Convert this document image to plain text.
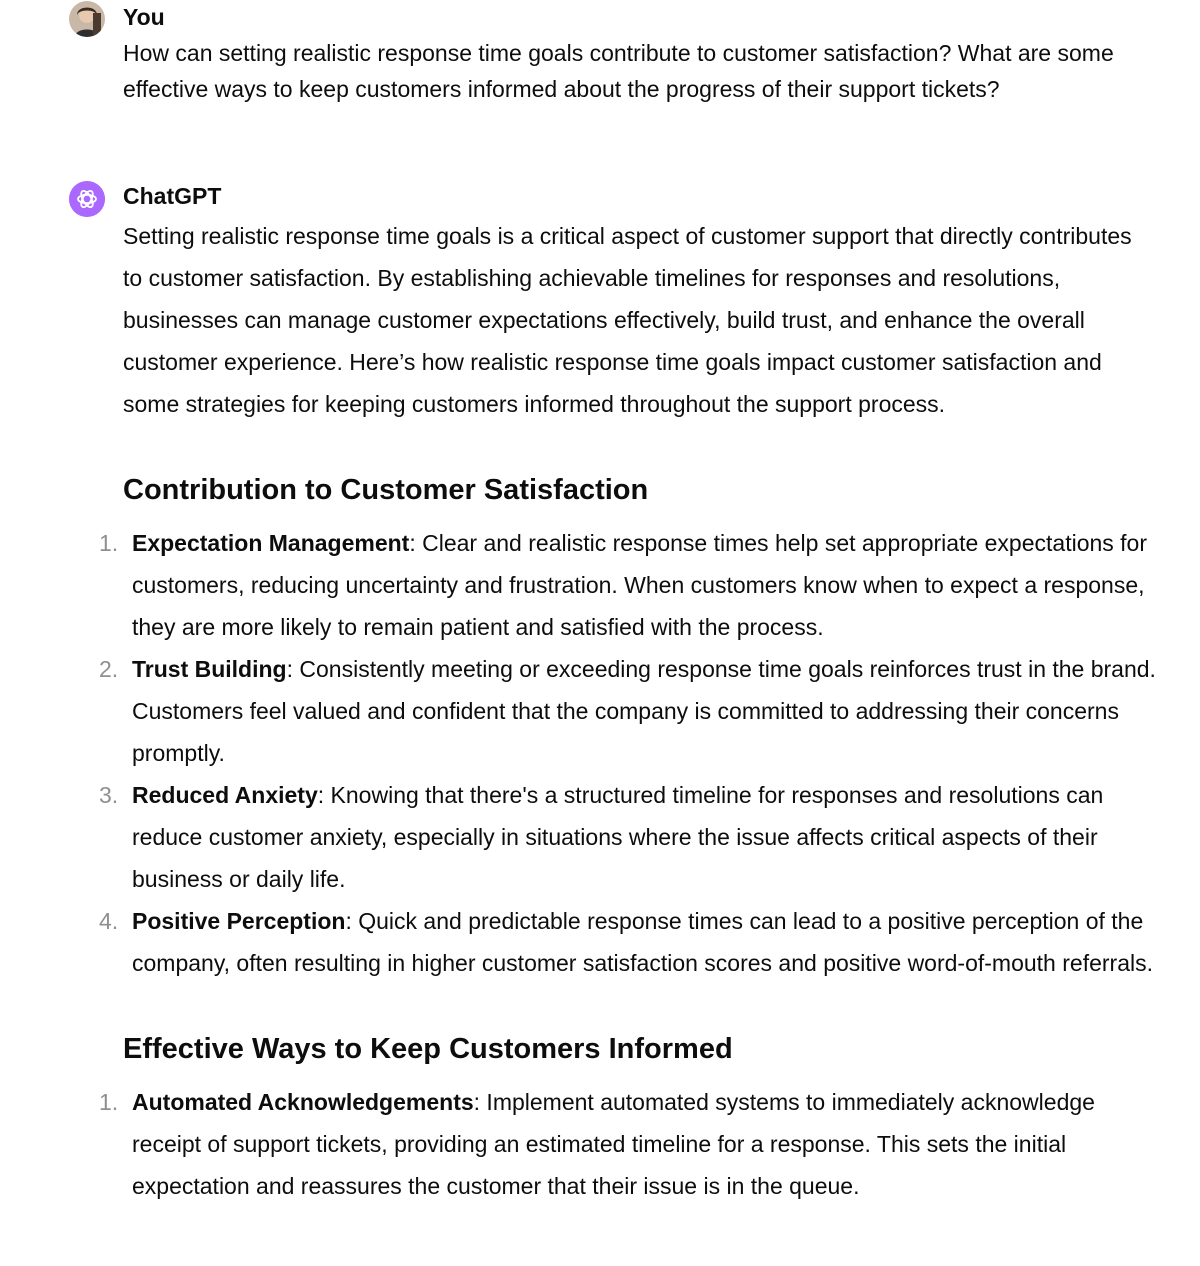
You
How can setting realistic response time goals contribute to customer satisfaction? What are some effective ways to keep customers informed about the progress of their support tickets?
ChatGPT

Setting realistic response time goals is a critical aspect of customer support that directly contributes to customer satisfaction. By establishing achievable timelines for responses and resolutions, businesses can manage customer expectations effectively, build trust, and enhance the overall customer experience. Here’s how realistic response time goals impact customer satisfaction and some strategies for keeping customers informed throughout the support process.

Contribution to Customer Satisfaction
1. Expectation Management: Clear and realistic response times help set appropriate expectations for customers, reducing uncertainty and frustration. When customers know when to expect a response, they are more likely to remain patient and satisfied with the process.
2. Trust Building: Consistently meeting or exceeding response time goals reinforces trust in the brand. Customers feel valued and confident that the company is committed to addressing their concerns promptly.
3. Reduced Anxiety: Knowing that there's a structured timeline for responses and resolutions can reduce customer anxiety, especially in situations where the issue affects critical aspects of their business or daily life.
4. Positive Perception: Quick and predictable response times can lead to a positive perception of the company, often resulting in higher customer satisfaction scores and positive word-of-mouth referrals.
Effective Ways to Keep Customers Informed
1. Automated Acknowledgements: Implement automated systems to immediately acknowledge receipt of support tickets, providing an estimated timeline for a response. This sets the initial expectation and reassures the customer that their issue is in the queue.
